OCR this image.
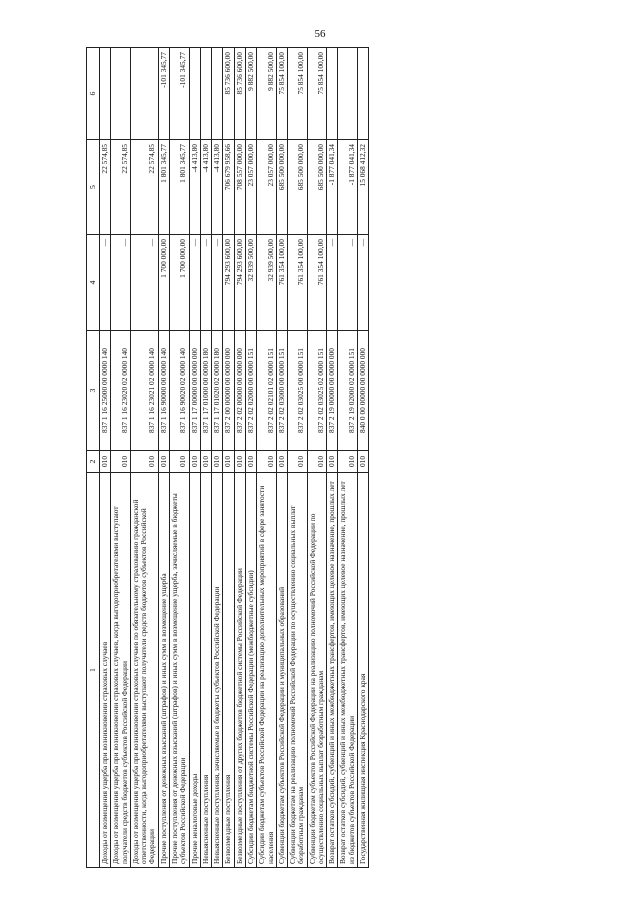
56
1	2	3	4	5	6
Доходы от возмещения ущерба при возникновении страховых случаев	010	837 1 16 25000 00 0000 140	—	22 574,85	
Доходы от возмещения ущерба при возникновении страховых случаев, когда выгодоприобретателями выступают получатели средств бюджетов субъектов Российской Федерации	010	837 1 16 23020 02 0000 140	—	22 574,85	
Доходы от возмещения ущерба при возникновении страховых случаев по обязательному страхованию гражданской ответственности, когда выгодоприобретателями выступают получатели средств бюджетов субъектов Российской Федерации	010	837 1 16 23021 02 0000 140	—	22 574,85	
Прочие поступления от денежных взысканий (штрафов) и иных сумм в возмещение ущерба	010	837 1 16 90000 00 0000 140	1 700 000,00	1 801 345,77	-101 345,77
Прочие поступления от денежных взысканий (штрафов) и иных сумм в возмещение ущерба, зачисляемые в бюджеты субъектов Российской Федерации	010	837 1 16 90020 02 0000 140	1 700 000,00	1 801 345,77	-101 345,77
Прочие неналоговые доходы	010	837 1 17 00000 00 0000 000	—	-4 413,80	
Невыясненные поступления	010	837 1 17 01000 00 0000 180	—	-4 413,80	
Невыясненные поступления, зачисляемые в бюджеты субъектов Российской Федерации	010	837 1 17 01020 02 0000 180	—	-4 413,80	
Безвозмездные поступления	010	837 2 00 00000 00 0000 000	794 293 600,00	706 679 958,66	85 736 600,00
Безвозмездные поступления от других бюджетов бюджетной системы Российской Федерации	010	837 2 02 00000 00 0000 000	794 293 600,00	708 557 000,00	85 736 600,00
Субсидии бюджетам бюджетной системы Российской Федерации (межбюджетные субсидии)	010	837 2 02 02000 00 0000 151	32 939 500,00	23 057 000,00	9 882 500,00
Субсидии бюджетам субъектов Российской Федерации на реализацию дополнительных мероприятий в сфере занятости населения	010	837 2 02 02101 02 0000 151	32 939 500,00	23 057 000,00	9 882 500,00
Субвенции бюджетам субъектов Российской Федерации и муниципальных образований	010	837 2 02 03000 00 0000 151	761 354 100,00	685 500 000,00	75 854 100,00
Субвенции бюджетам на реализацию полномочий Российской Федерации по осуществлению социальных выплат безработным гражданам	010	837 2 02 03025 00 0000 151	761 354 100,00	685 500 000,00	75 854 100,00
Субвенции бюджетам субъектов Российской Федерации на реализацию полномочий Российской Федерации по осуществлению социальных выплат безработным гражданам	010	837 2 02 03025 02 0000 151	761 354 100,00	685 500 000,00	75 854 100,00
Возврат остатков субсидий, субвенций и иных межбюджетных трансфертов, имеющих целевое назначение, прошлых лет	010	837 2 19 00000 00 0000 000	—	-1 877 041,34	
Возврат остатков субсидий, субвенций и иных межбюджетных трансфертов, имеющих целевое назначение, прошлых лет из бюджетов субъектов Российской Федерации	010	837 2 19 02000 02 0000 151	—	-1 877 041,34	
Государственная жилищная инспекция Краснодарского края	010	840 0 00 00000 00 0000 000	—	15 068 412,32	
